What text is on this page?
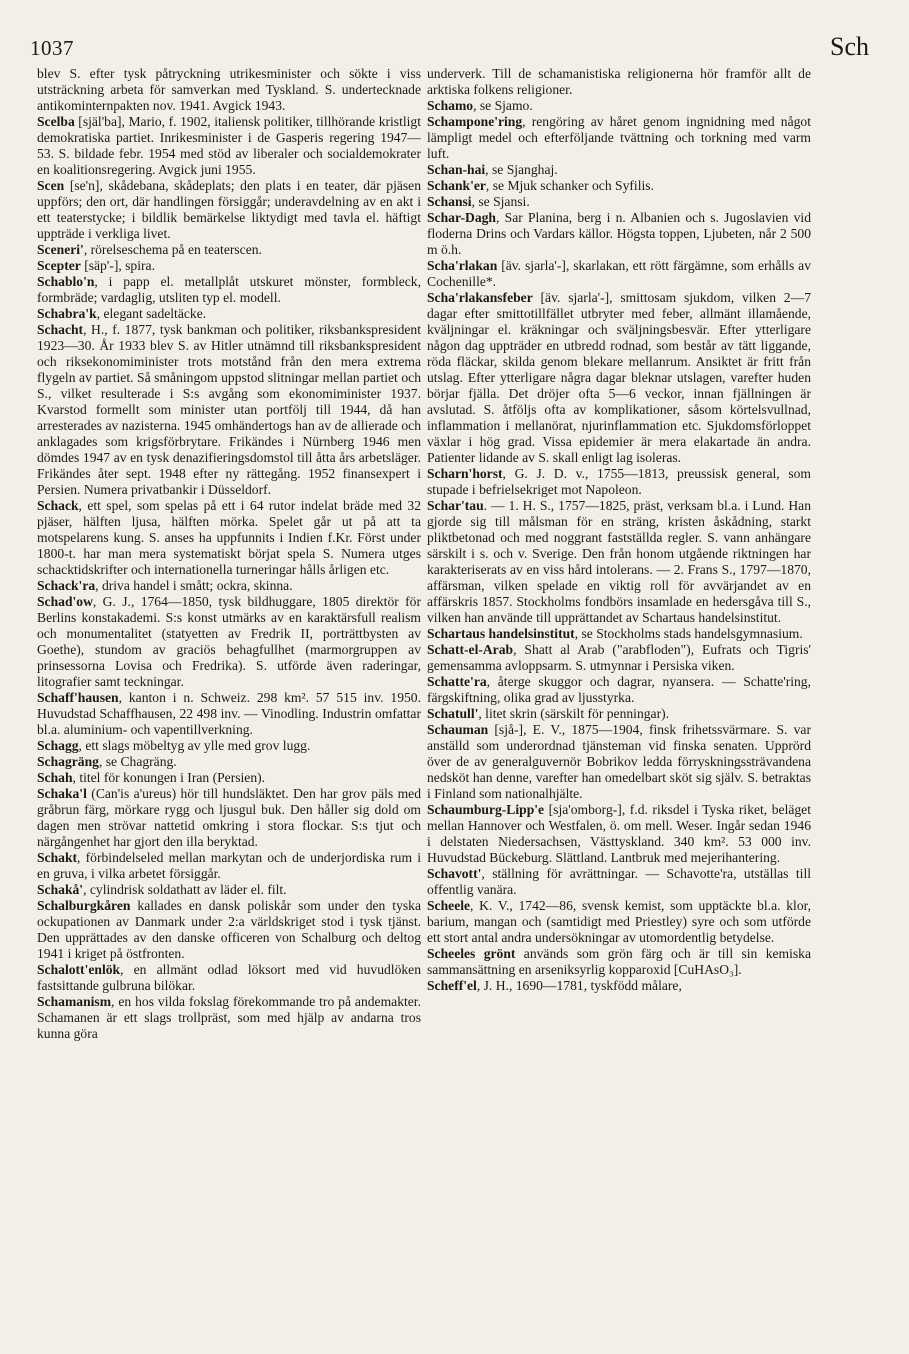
1037	Sch

blev S. efter tysk påtryckning utrikesminister och sökte i viss utsträckning arbeta för samverkan med Tyskland. S. undertecknade antikominternpakten nov. 1941. Avgick 1943.

Scelba [själ'ba], Mario, f. 1902, italiensk politiker, tillhörande kristligt demokratiska partiet. Inrikesminister i de Gasperis regering 1947—53. S. bildade febr. 1954 med stöd av liberaler och socialdemokrater en koalitionsregering. Avgick juni 1955.

Scen [se'n], skådebana, skådeplats; den plats i en teater, där pjäsen uppförs; den ort, där handlingen försiggår; underavdelning av en akt i ett teaterstycke; i bildlik bemärkelse liktydigt med tavla el. häftigt uppträde i verkliga livet.

Sceneri', rörelseschema på en teaterscen.

Scepter [säp'-], spira.

Schablo'n, i papp el. metallplåt utskuret mönster, formbleck, formbräde; vardaglig, utsliten typ el. modell.

Schabra'k, elegant sadeltäcke.

Schacht, H., f. 1877, tysk bankman och politiker, riksbankspresident 1923—30. År 1933 blev S. av Hitler utnämnd till riksbankspresident och riksekonomiminister trots motstånd från den mera extrema flygeln av partiet. Så småningom uppstod slitningar mellan partiet och S., vilket resulterade i S:s avgång som ekonomiminister 1937. Kvarstod formellt som minister utan portfölj till 1944, då han arresterades av nazisterna. 1945 omhändertogs han av de allierade och anklagades som krigsförbrytare. Frikändes i Nürnberg 1946 men dömdes 1947 av en tysk denazifieringsdomstol till åtta års arbetsläger. Frikändes åter sept. 1948 efter ny rättegång. 1952 finansexpert i Persien. Numera privatbankir i Düsseldorf.

Schack, ett spel, som spelas på ett i 64 rutor indelat bräde med 32 pjäser, hälften ljusa, hälften mörka. Spelet går ut på att ta motspelarens kung. S. anses ha uppfunnits i Indien f.Kr. Först under 1800-t. har man mera systematiskt börjat spela S. Numera utges schacktidskrifter och internationella turneringar hålls årligen etc.

Schack'ra, driva handel i smått; ockra, skinna.

Schad'ow, G. J., 1764—1850, tysk bildhuggare, 1805 direktör för Berlins konstakademi. S:s konst utmärks av en karaktärsfull realism och monumentalitet (statyetten av Fredrik II, porträttbysten av Goethe), stundom av graciös behagfullhet (marmorgruppen av prinsessorna Lovisa och Fredrika). S. utförde även raderingar, litografier samt teckningar.

Schaff'hausen, kanton i n. Schweiz. 298 km². 57 515 inv. 1950. Huvudstad Schaffhausen, 22 498 inv. — Vinodling. Industrin omfattar bl.a. aluminium- och vapentillverkning.

Schagg, ett slags möbeltyg av ylle med grov lugg.

Schagräng, se Chagräng.

Schah, titel för konungen i Iran (Persien).

Schaka'l (Can'is a'ureus) hör till hundsläktet. Den har grov päls med gråbrun färg, mörkare rygg och ljusgul buk. Den håller sig dold om dagen men strövar nattetid omkring i stora flockar. S:s tjut och närgångenhet har gjort den illa beryktad.

Schakt, förbindelseled mellan markytan och de underjordiska rum i en gruva, i vilka arbetet försiggår.

Schakå', cylindrisk soldathatt av läder el. filt.

Schalburgkåren kallades en dansk poliskår som under den tyska ockupationen av Danmark under 2:a världskriget stod i tysk tjänst. Den upprättades av den danske officeren von Schalburg och deltog 1941 i kriget på östfronten.

Schalott'enlök, en allmänt odlad löksort med vid huvudlöken fastsittande gulbruna bilökar.

Schamanism, en hos vilda fokslag förekommande tro på andemakter. Schamanen är ett slags trollpräst, som med hjälp av andarna tros kunna göra

underverk. Till de schamanistiska religionerna hör framför allt de arktiska folkens religioner.

Schamo, se Sjamo.

Schampone'ring, rengöring av håret genom ingnidning med något lämpligt medel och efterföljande tvättning och torkning med varm luft.

Schan-hai, se Sjanghaj.

Schank'er, se Mjuk schanker och Syfilis.

Schansi, se Sjansi.

Schar-Dagh, Sar Planina, berg i n. Albanien och s. Jugoslavien vid floderna Drins och Vardars källor. Högsta toppen, Ljubeten, når 2 500 m ö.h.

Scha'rlakan [äv. sjarla'-], skarlakan, ett rött färgämne, som erhålls av Cochenille*.

Scha'rlakansfeber [äv. sjarla'-], smittosam sjukdom, vilken 2—7 dagar efter smittotillfället utbryter med feber, allmänt illamående, kväljningar el. kräkningar och sväljningsbesvär. Efter ytterligare någon dag uppträder en utbredd rodnad, som består av tätt liggande, röda fläckar, skilda genom blekare mellanrum. Ansiktet är fritt från utslag. Efter ytterligare några dagar bleknar utslagen, varefter huden börjar fjälla. Det dröjer ofta 5—6 veckor, innan fjällningen är avslutad. S. åtföljs ofta av komplikationer, såsom körtelsvullnad, inflammation i mellanörat, njurinflammation etc. Sjukdomsförloppet växlar i hög grad. Vissa epidemier är mera elakartade än andra. Patienter lidande av S. skall enligt lag isoleras.

Scharn'horst, G. J. D. v., 1755—1813, preussisk general, som stupade i befrielsekriget mot Napoleon.

Schar'tau. — 1. H. S., 1757—1825, präst, verksam bl.a. i Lund. Han gjorde sig till målsman för en sträng, kristen åskådning, starkt pliktbetonad och med noggrant fastställda regler. S. vann anhängare särskilt i s. och v. Sverige. Den från honom utgående riktningen har karakteriserats av en viss hård intolerans. — 2. Frans S., 1797—1870, affärsman, vilken spelade en viktig roll för avvärjandet av en affärskris 1857. Stockholms fondbörs insamlade en hedersgåva till S., vilken han använde till upprättandet av Schartaus handelsinstitut.

Schartaus handelsinstitut, se Stockholms stads handelsgymnasium.

Schatt-el-Arab, Shatt al Arab ("arabfloden"), Eufrats och Tigris' gemensamma avloppsarm. S. utmynnar i Persiska viken.

Schatte'ra, återge skuggor och dagrar, nyansera. — Schatte'ring, färgskiftning, olika grad av ljusstyrka.

Schatull', litet skrin (särskilt för penningar).

Schauman [sjå-], E. V., 1875—1904, finsk frihetssvärmare. S. var anställd som underordnad tjänsteman vid finska senaten. Upprörd över de av generalguvernör Bobrikov ledda förryskningssträvandena nedsköt han denne, varefter han omedelbart sköt sig själv. S. betraktas i Finland som nationalhjälte.

Schaumburg-Lipp'e [sja'omborg-], f.d. riksdel i Tyska riket, beläget mellan Hannover och Westfalen, ö. om mell. Weser. Ingår sedan 1946 i delstaten Niedersachsen, Västtyskland. 340 km². 53 000 inv. Huvudstad Bückeburg. Slättland. Lantbruk med mejerihantering.

Schavott', ställning för avrättningar. — Schavotte'ra, utställas till offentlig vanära.

Scheele, K. V., 1742—86, svensk kemist, som upptäckte bl.a. klor, barium, mangan och (samtidigt med Priestley) syre och som utförde ett stort antal andra undersökningar av utomordentlig betydelse.

Scheeles grönt används som grön färg och är till sin kemiska sammansättning en arseniksyrlig kopparoxid [CuHAsO₃].

Scheff'el, J. H., 1690—1781, tyskfödd målare,
